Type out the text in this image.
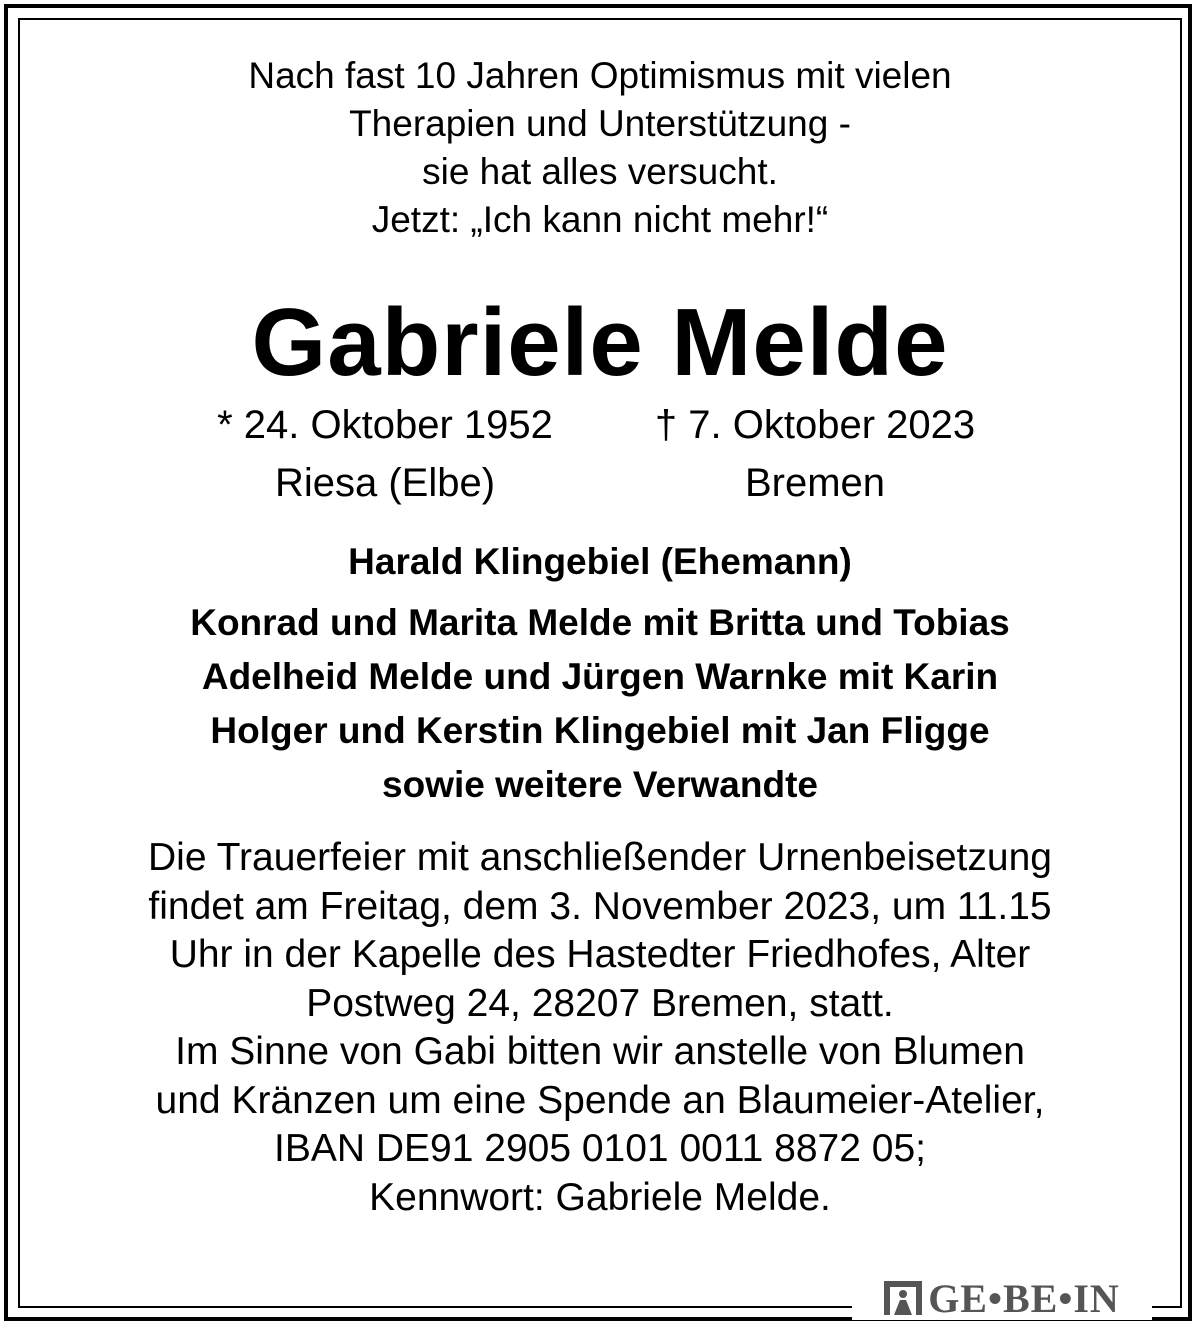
Nach fast 10 Jahren Optimismus mit vielen
Therapien und Unterstützung -
sie hat alles versucht.
Jetzt: „Ich kann nicht mehr!“
Gabriele Melde
* 24. Oktober 1952
Riesa (Elbe)
† 7. Oktober 2023
Bremen
Harald Klingebiel (Ehemann)
Konrad und Marita Melde mit Britta und Tobias
Adelheid Melde und Jürgen Warnke mit Karin
Holger und Kerstin Klingebiel mit Jan Fligge
sowie weitere Verwandte
Die Trauerfeier mit anschließender Urnenbeisetzung
findet am Freitag, dem 3. November 2023, um 11.15
Uhr in der Kapelle des Hastedter Friedhofes, Alter
Postweg 24, 28207 Bremen, statt.
Im Sinne von Gabi bitten wir anstelle von Blumen
und Kränzen um eine Spende an Blaumeier-Atelier,
IBAN DE91 2905 0101 0011 8872 05;
Kennwort: Gabriele Melde.
GE•BE•IN
